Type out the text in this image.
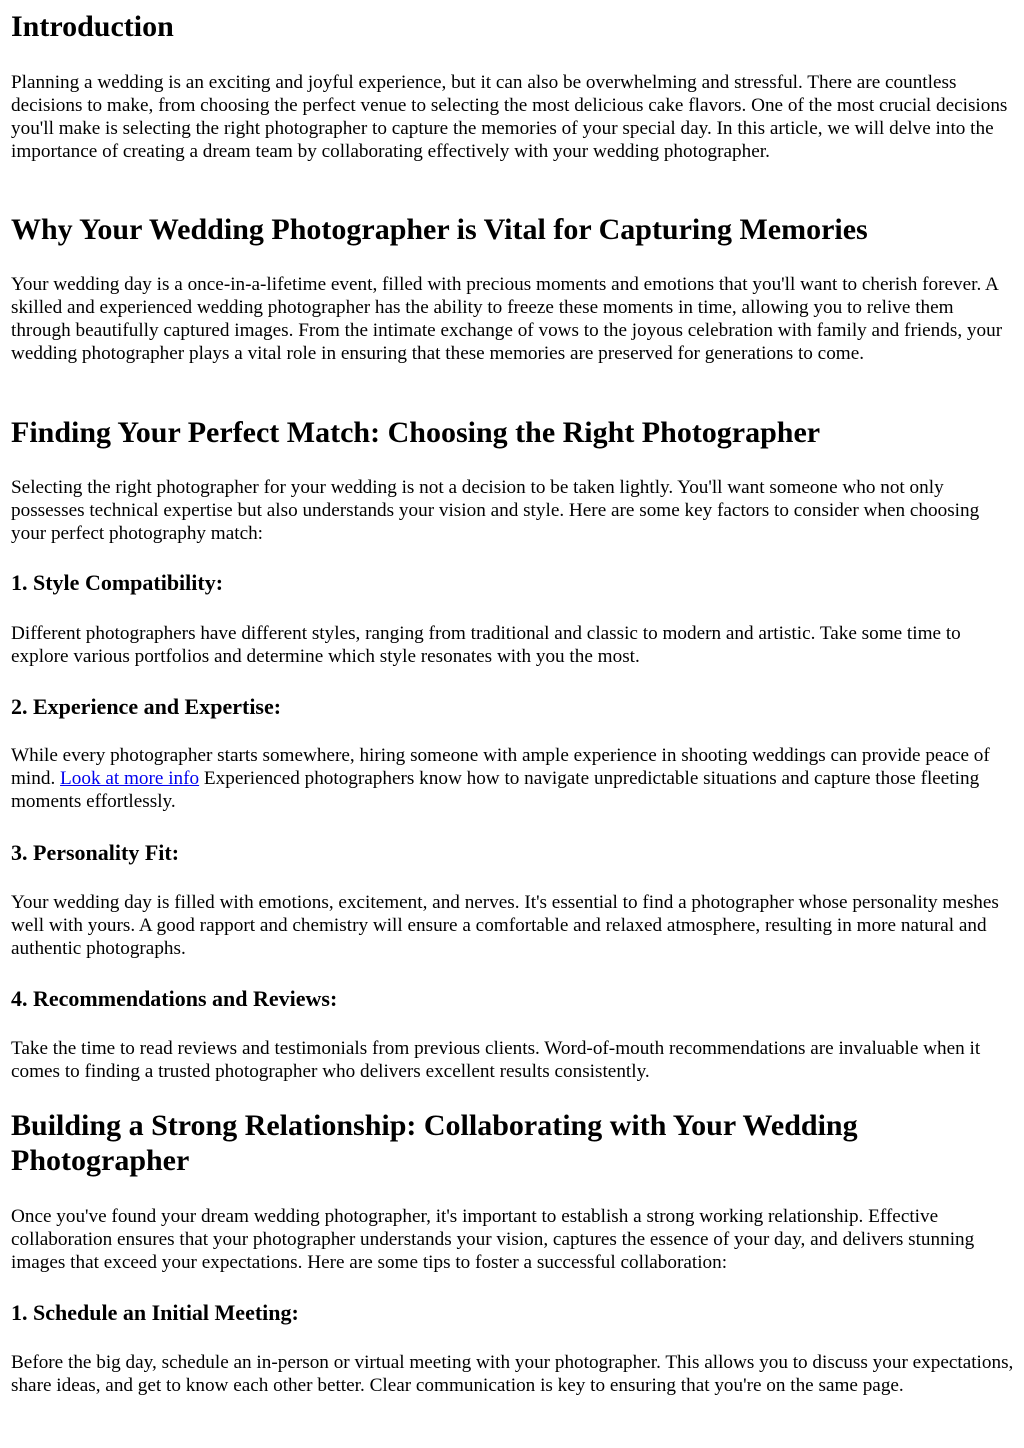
Introduction

Planning a wedding is an exciting and joyful experience, but it can also be overwhelming and stressful. There are countless decisions to make, from choosing the perfect venue to selecting the most delicious cake flavors. One of the most crucial decisions you'll make is selecting the right photographer to capture the memories of your special day. In this article, we will delve into the importance of creating a dream team by collaborating effectively with your wedding photographer.

Why Your Wedding Photographer is Vital for Capturing Memories

Your wedding day is a once-in-a-lifetime event, filled with precious moments and emotions that you'll want to cherish forever. A skilled and experienced wedding photographer has the ability to freeze these moments in time, allowing you to relive them through beautifully captured images. From the intimate exchange of vows to the joyous celebration with family and friends, your wedding photographer plays a vital role in ensuring that these memories are preserved for generations to come.

Finding Your Perfect Match: Choosing the Right Photographer

Selecting the right photographer for your wedding is not a decision to be taken lightly. You'll want someone who not only possesses technical expertise but also understands your vision and style. Here are some key factors to consider when choosing your perfect photography match:

1. Style Compatibility:

Different photographers have different styles, ranging from traditional and classic to modern and artistic. Take some time to explore various portfolios and determine which style resonates with you the most.

2. Experience and Expertise:

While every photographer starts somewhere, hiring someone with ample experience in shooting weddings can provide peace of mind. Look at more info Experienced photographers know how to navigate unpredictable situations and capture those fleeting moments effortlessly.

3. Personality Fit:

Your wedding day is filled with emotions, excitement, and nerves. It's essential to find a photographer whose personality meshes well with yours. A good rapport and chemistry will ensure a comfortable and relaxed atmosphere, resulting in more natural and authentic photographs.

4. Recommendations and Reviews:

Take the time to read reviews and testimonials from previous clients. Word-of-mouth recommendations are invaluable when it comes to finding a trusted photographer who delivers excellent results consistently.

Building a Strong Relationship: Collaborating with Your Wedding Photographer

Once you've found your dream wedding photographer, it's important to establish a strong working relationship. Effective collaboration ensures that your photographer understands your vision, captures the essence of your day, and delivers stunning images that exceed your expectations. Here are some tips to foster a successful collaboration:

1. Schedule an Initial Meeting:

Before the big day, schedule an in-person or virtual meeting with your photographer. This allows you to discuss your expectations, share ideas, and get to know each other better. Clear communication is key to ensuring that you're on the same page.
